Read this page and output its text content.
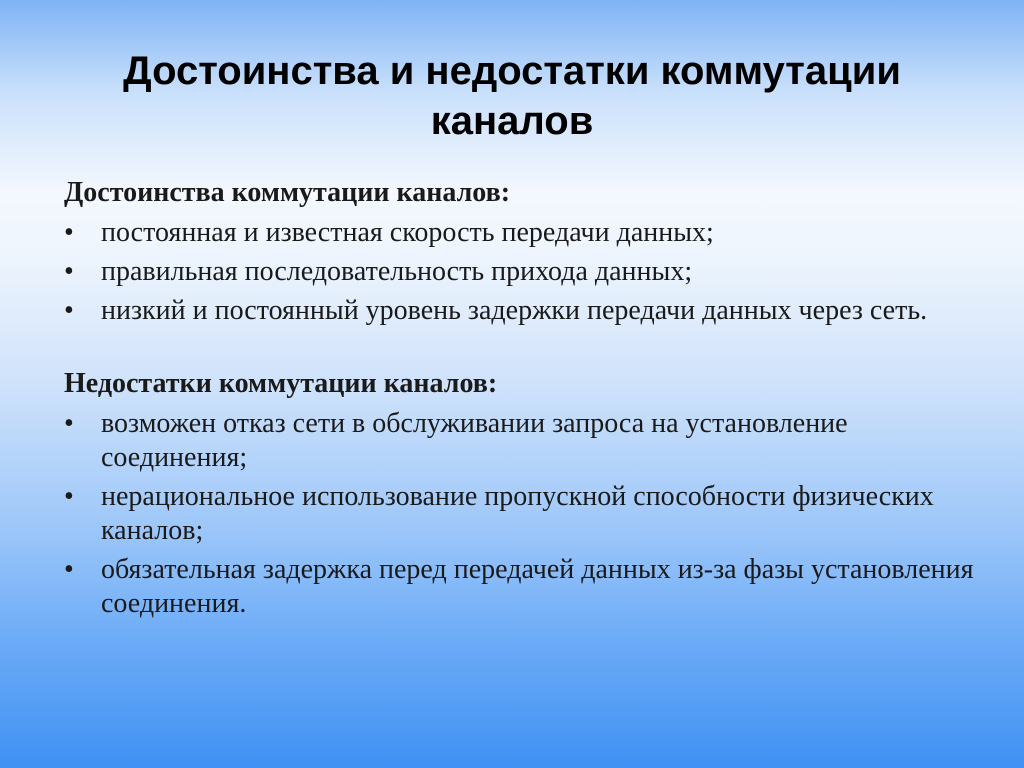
Достоинства и недостатки коммутации каналов

Достоинства коммутации каналов:

• постоянная и известная скорость передачи данных;
• правильная последовательность прихода данных;
• низкий и постоянный уровень задержки передачи данных через сеть.

Недостатки коммутации каналов:

• возможен отказ сети в обслуживании запроса на установление соединения;
• нерациональное использование пропускной способности физических каналов;
• обязательная задержка перед передачей данных из-за фазы установления соединения.
